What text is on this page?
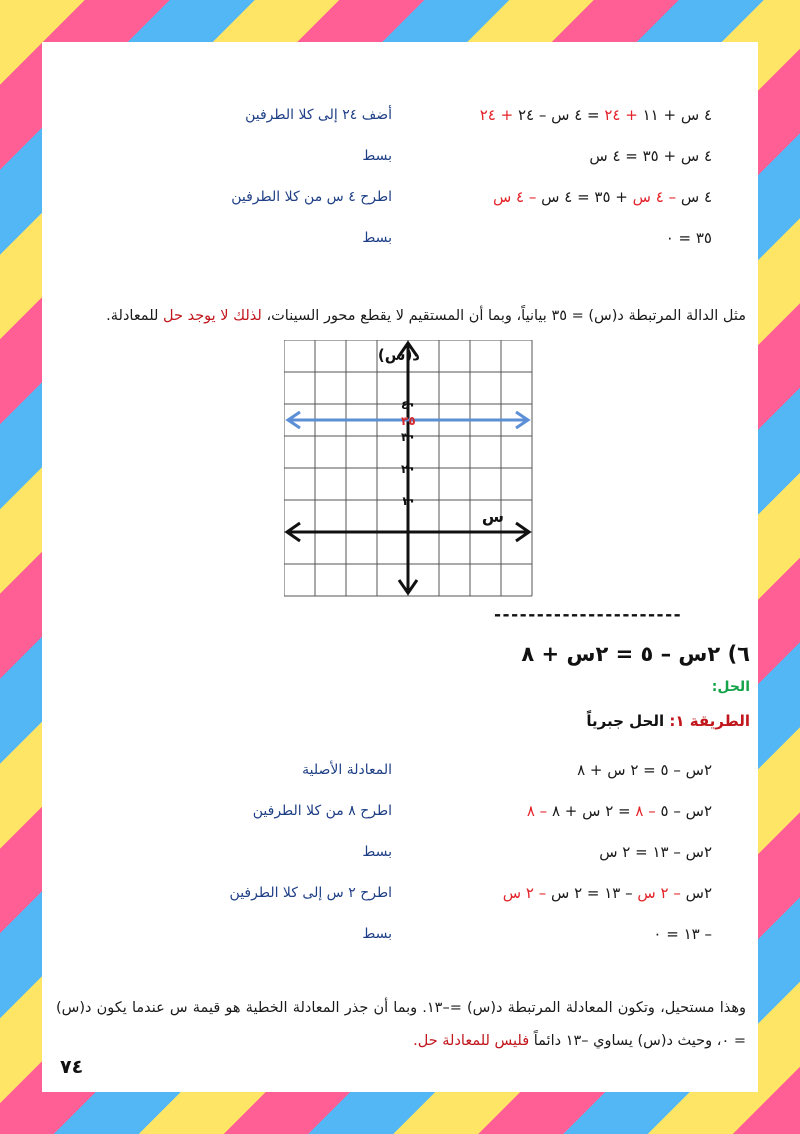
٤ س + ١١ + ٢٤ = ٤ س – ٢٤ + ٢٤
أضف ٢٤ إلى كلا الطرفين
٤ س + ٣٥ = ٤ س
بسط
٤ س – ٤ س + ٣٥ = ٤ س – ٤ س
اطرح ٤ س من كلا الطرفين
٣٥ = ٠
بسط
مثل الدالة المرتبطة د(س) = ٣٥ بيانياً، وبما أن المستقيم لا يقطع محور السينات، لذلك لا يوجد حل للمعادلة.
١٠
٢٠
٣٠
٤٠
٣٥
د(س)
س
----------------------
٦) ٢س – ٥ = ٢س + ٨
الحل:
الطريقة ١: الحل جبرياً
٢س – ٥ = ٢ س + ٨
المعادلة الأصلية
٢س – ٥ – ٨ = ٢ س + ٨ – ٨
اطرح ٨ من كلا الطرفين
٢س – ١٣ = ٢ س
بسط
٢س – ٢ س – ١٣ = ٢ س – ٢ س
اطرح ٢ س إلى كلا الطرفين
– ١٣ = ٠
بسط
وهذا مستحيل، وتكون المعادلة المرتبطة د(س) =–١٣. وبما أن جذر المعادلة الخطية هو قيمة س عندما يكون د(س) = ٠، وحيث د(س) يساوي –١٣ دائماً فليس للمعادلة حل.
٧٤
